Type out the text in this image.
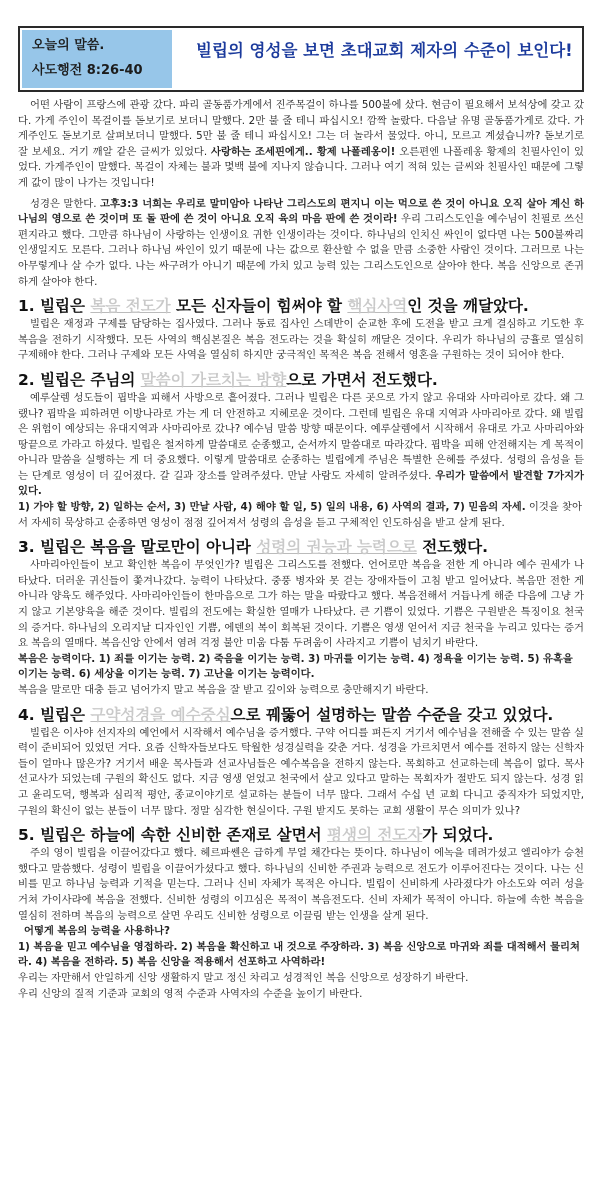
오늘의 말씀.
사도행전 8:26-40
빌립의 영성을 보면 초대교회 제자의 수준이 보인다!

어떤 사람이 프랑스에 관광 갔다. 파리 골동품가게에서 진주목걸이 하나를 500불에 샀다. 현금이 필요해서 보석상에 갖고 갔다. 가게 주인이 목걸이를 돋보기로 보더니 말했다. 2만 불 줄 테니 파십시오! 깜짝 놀랐다. 다음날 유명 골동품가게로 갔다. 가게주인도 돋보기로 살펴보더니 말했다. 5만 불 줄 테니 파십시오! 그는 더 놀라서 물었다. 아니, 모르고 계셨습니까? 돋보기로 잘 보세요. 거기 깨알 같은 글씨가 있었다. 사랑하는 조세핀에게.. 황제 나폴레옹이! 오른편엔 나폴레옹 황제의 친필사인이 있었다. 가게주인이 말했다. 목걸이 자체는 불과 몇백 불에 지나지 않습니다. 그러나 여기 적혀 있는 글씨와 친필사인 때문에 그렇게 값이 많이 나가는 것입니다!

성경은 말한다. 고후3:3 너희는 우리로 말미암아 나타난 그리스도의 편지니 이는 먹으로 쓴 것이 아니요 오직 살아 계신 하나님의 영으로 쓴 것이며 또 돌 판에 쓴 것이 아니요 오직 육의 마음 판에 쓴 것이라! 우리 그리스도인을 예수님이 친필로 쓰신 편지라고 했다. 그만큼 하나님이 사랑하는 인생이요 귀한 인생이라는 것이다. 하나님의 인치신 싸인이 없다면 나는 500불짜리 인생일지도 모른다. 그러나 하나님 싸인이 있기 때문에 나는 값으로 환산할 수 없을 만큼 소중한 사람인 것이다. 그러므로 나는 아무렇게나 살 수가 없다. 나는 싸구려가 아니기 때문에 가치 있고 능력 있는 그리스도인으로 살아야 한다. 복음 신앙으로 존귀하게 살아야 한다.

1. 빌립은 복음 전도가 모든 신자들이 힘써야 할 핵심사역인 것을 깨달았다.

빌립은 재정과 구제를 담당하는 집사였다. 그러나 동료 집사인 스데반이 순교한 후에 도전을 받고 크게 결심하고 기도한 후 복음을 전하기 시작했다. 모든 사역의 핵심본질은 복음 전도라는 것을 확실히 깨달은 것이다. 우리가 하나님의 긍휼로 열심히 구제해야 한다. 그러나 구제와 모든 사역을 열심히 하지만 궁극적인 목적은 복음 전해서 영혼을 구원하는 것이 되어야 한다.

2. 빌립은 주님의 말씀이 가르치는 방향으로 가면서 전도했다.

예루살렘 성도들이 핍박을 피해서 사방으로 흩어졌다. 그러나 빌립은 다른 곳으로 가지 않고 유대와 사마리아로 갔다. 왜 그랬나? 핍박을 피하려면 이방나라로 가는 게 더 안전하고 지혜로운 것이다. 그런데 빌립은 유대 지역과 사마리아로 갔다. 왜 빌립은 위험이 예상되는 유대지역과 사마리아로 갔나? 예수님 말씀 방향 때문이다. 예루살렘에서 시작해서 유대로 가고 사마리아와 땅끝으로 가라고 하셨다. 빌립은 철저하게 말씀대로 순종했고, 순서까지 말씀대로 따라갔다. 핍박을 피해 안전해지는 게 목적이 아니라 말씀을 실행하는 게 더 중요했다. 이렇게 말씀대로 순종하는 빌립에게 주님은 특별한 은혜를 주셨다. 성령의 음성을 듣는 단계로 영성이 더 깊어졌다. 갈 길과 장소를 알려주셨다. 만날 사람도 자세히 알려주셨다. 우리가 말씀에서 발견할 7가지가 있다.

1) 가야 할 방향, 2) 일하는 순서, 3) 만날 사람, 4) 해야 할 일, 5) 일의 내용, 6) 사역의 결과, 7) 믿음의 자세. 이것을 찾아서 자세히 묵상하고 순종하면 영성이 점점 깊어져서 성령의 음성을 듣고 구체적인 인도하심을 받고 살게 된다.

3. 빌립은 복음을 말로만이 아니라 성령의 권능과 능력으로 전도했다.

사마리아인들이 보고 확인한 복음이 무엇인가? 빌립은 그리스도를 전했다. 언어로만 복음을 전한 게 아니라 예수 권세가 나타났다. 더러운 귀신들이 쫓겨나갔다. 능력이 나타났다. 중풍 병자와 못 걷는 장애자들이 고침 받고 일어났다. 복음만 전한 게 아니라 양육도 해주었다. 사마리아인들이 한마음으로 그가 하는 말을 따랐다고 했다. 복음전해서 거듭나게 해준 다음에 그냥 가지 않고 기본양육을 해준 것이다. 빌립의 전도에는 확실한 열매가 나타났다. 큰 기쁨이 있었다. 기쁨은 구원받은 특징이요 천국의 증거다. 하나님의 오리지날 디자인인 기쁨, 에덴의 복이 회복된 것이다. 기쁨은 영생 얻어서 지금 천국을 누리고 있다는 증거요 복음의 열매다. 복음신앙 안에서 염려 걱정 불안 미움 다툼 두려움이 사라지고 기쁨이 넘치기 바란다.

복음은 능력이다. 1) 죄를 이기는 능력. 2) 죽음을 이기는 능력. 3) 마귀를 이기는 능력. 4) 정욕을 이기는 능력. 5) 유혹을 이기는 능력. 6) 세상을 이기는 능력. 7) 고난을 이기는 능력이다.

복음을 말로만 대충 듣고 넘어가지 말고 복음을 잘 받고 깊이와 능력으로 충만해지기 바란다.

4. 빌립은 구약성경을 예수중심으로 꿰뚫어 설명하는 말씀 수준을 갖고 있었다.

빌립은 이사야 선지자의 예언에서 시작해서 예수님을 증거했다. 구약 어디를 펴든지 거기서 예수님을 전해줄 수 있는 말씀 실력이 준비되어 있었던 거다. 요즘 신학자들보다도 탁월한 성경실력을 갖춘 거다. 성경을 가르치면서 예수를 전하지 않는 신학자들이 얼마나 많은가? 거기서 배운 목사들과 선교사님들은 예수복음을 전하지 않는다. 목회하고 선교하는데 복음이 없다. 목사 선교사가 되었는데 구원의 확신도 없다. 지금 영생 얻었고 천국에서 살고 있다고 말하는 목회자가 절반도 되지 않는다. 성경 읽고 윤리도덕, 행복과 심리적 평안, 종교이야기로 설교하는 분들이 너무 많다. 그래서 수십 년 교회 다니고 중직자가 되었지만, 구원의 확신이 없는 분들이 너무 많다. 정말 심각한 현실이다. 구원 받지도 못하는 교회 생활이 무슨 의미가 있나?

5. 빌립은 하늘에 속한 신비한 존재로 살면서 평생의 전도자가 되었다.

주의 영이 빌립을 이끌어갔다고 했다. 헤르파쎈은 급하게 무얼 채간다는 뜻이다. 하나님이 에녹을 데려가셨고 엘리야가 승천했다고 말씀했다. 성령이 빌립을 이끌어가셨다고 했다. 하나님의 신비한 주권과 능력으로 전도가 이루어진다는 것이다. 나는 신비를 믿고 하나님 능력과 기적을 믿는다. 그러나 신비 자체가 목적은 아니다. 빌립이 신비하게 사라졌다가 아소도와 여러 성을 거쳐 가이사랴에 복음을 전했다. 신비한 성령의 이끄심은 목적이 복음전도다. 신비 자체가 목적이 아니다. 하늘에 속한 복음을 열심히 전하며 복음의 능력으로 살면 우리도 신비한 성령으로 이끌림 받는 인생을 살게 된다.

어떻게 복음의 능력을 사용하나?

1) 복음을 믿고 예수님을 영접하라. 2) 복음을 확신하고 내 것으로 주장하라. 3) 복음 신앙으로 마귀와 죄를 대적해서 물리쳐라. 4) 복음을 전하라. 5) 복음 신앙을 적용해서 선포하고 사역하라!

우리는 자만해서 안일하게 신앙 생활하지 말고 정신 차리고 성경적인 복음 신앙으로 성장하기 바란다.

우리 신앙의 질적 기준과 교회의 영적 수준과 사역자의 수준을 높이기 바란다.
